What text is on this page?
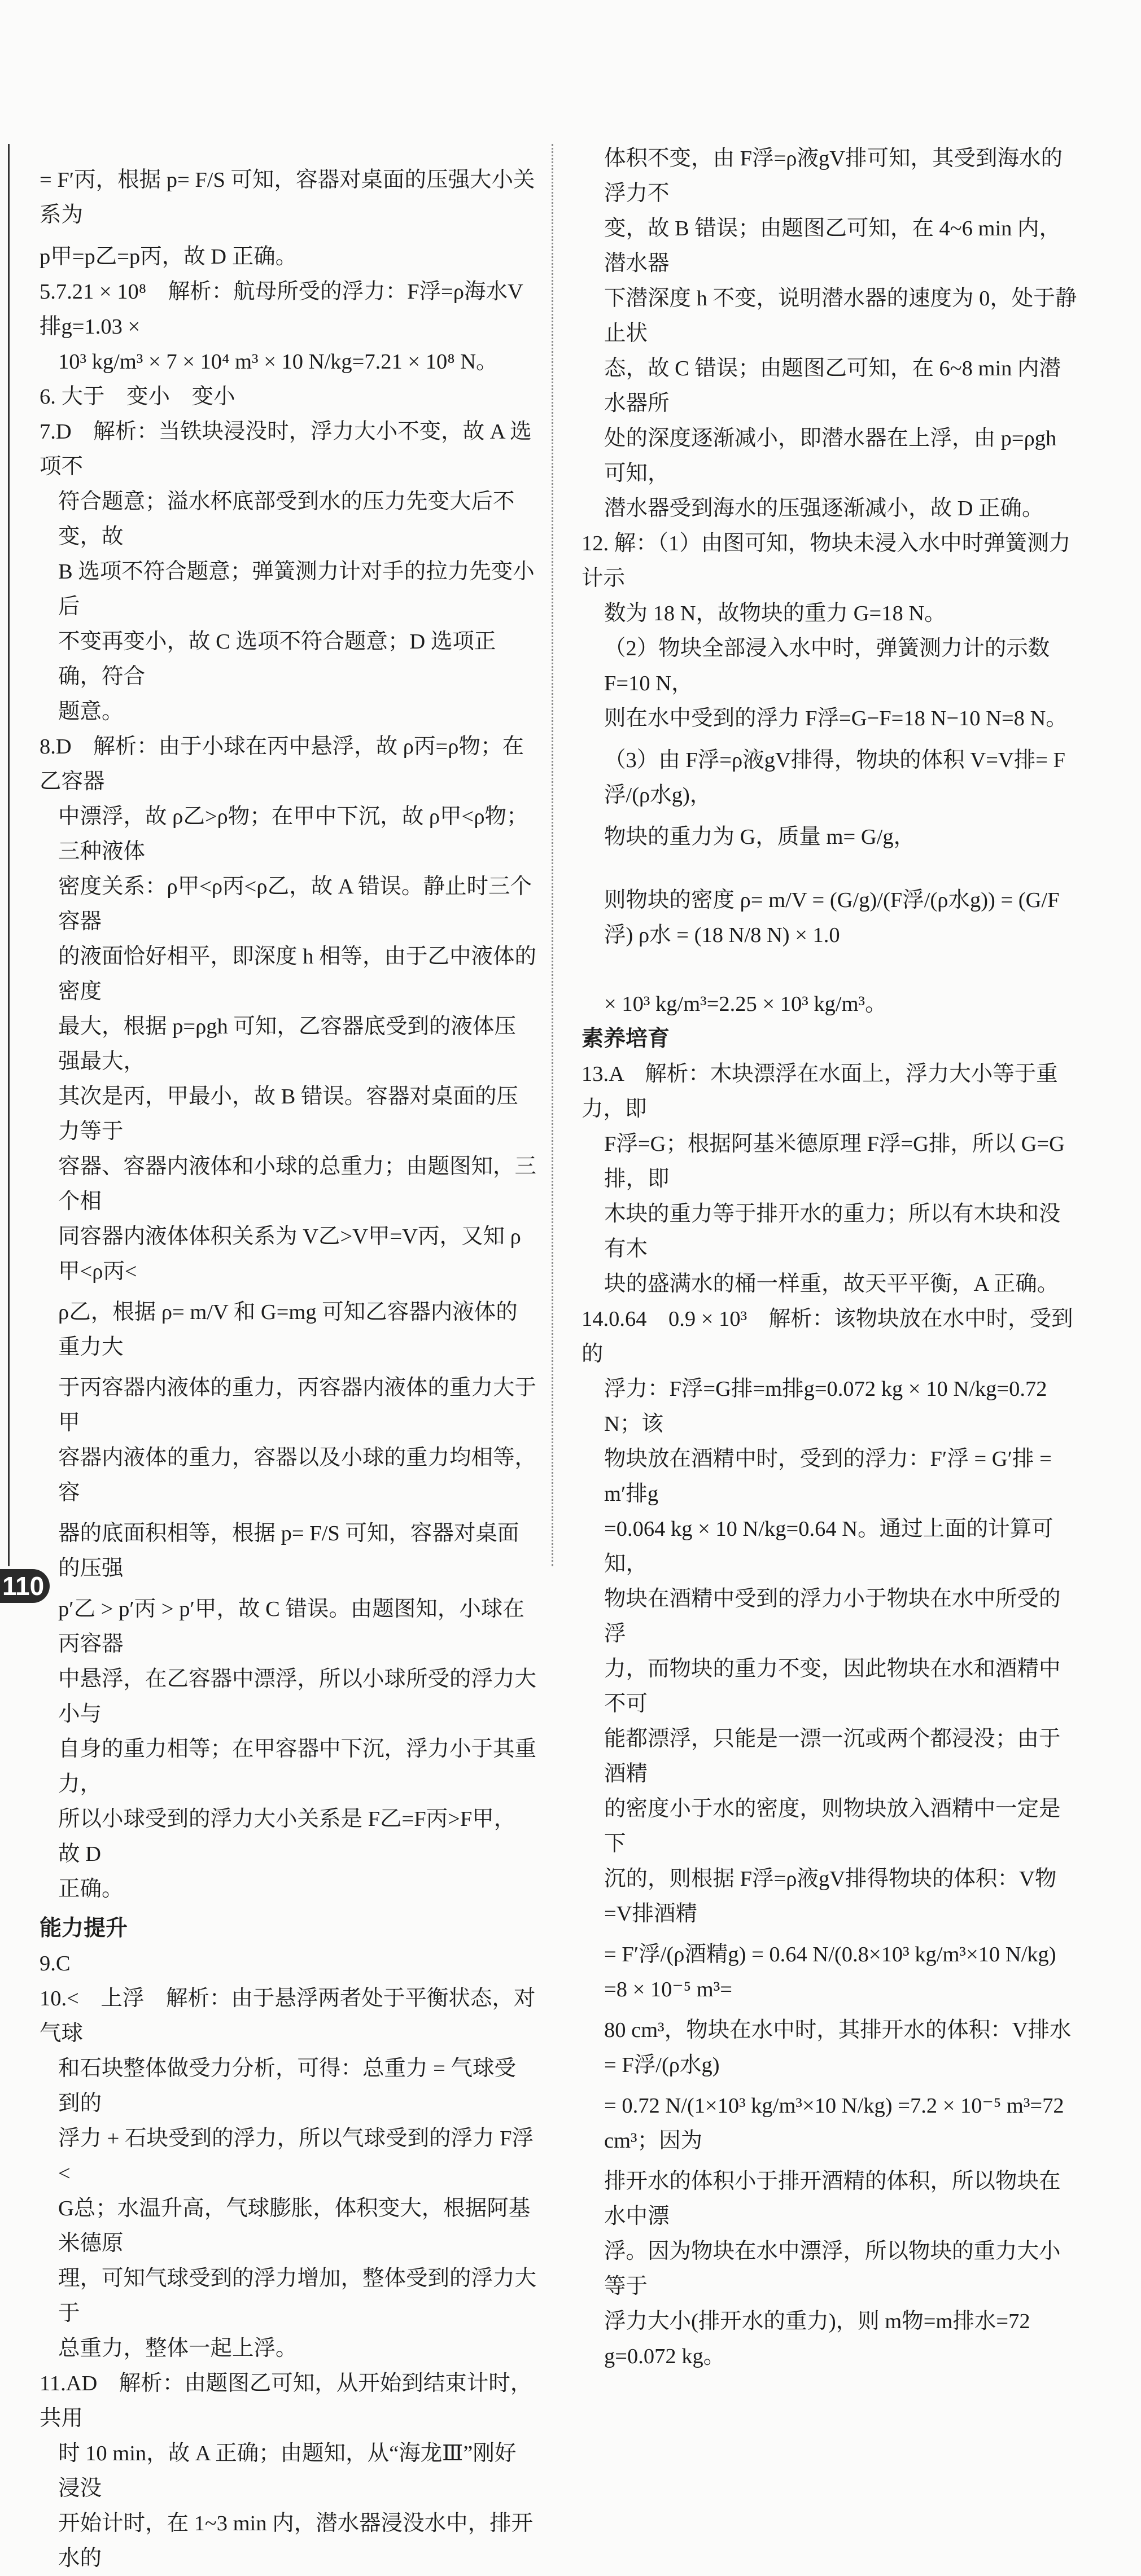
= F′丙，根据 p= F/S 可知，容器对桌面的压强大小关系为
p甲=p乙=p丙，故 D 正确。
5.7.21 × 10⁸　解析：航母所受的浮力：F浮=ρ海水V排g=1.03 ×
10³ kg/m³ × 7 × 10⁴ m³ × 10 N/kg=7.21 × 10⁸ N。
6. 大于　变小　变小
7.D　解析：当铁块浸没时，浮力大小不变，故 A 选项不
符合题意；溢水杯底部受到水的压力先变大后不变，故
B 选项不符合题意；弹簧测力计对手的拉力先变小后
不变再变小，故 C 选项不符合题意；D 选项正确，符合
题意。
8.D　解析：由于小球在丙中悬浮，故 ρ丙=ρ物；在乙容器
中漂浮，故 ρ乙>ρ物；在甲中下沉，故 ρ甲<ρ物；三种液体
密度关系：ρ甲<ρ丙<ρ乙，故 A 错误。静止时三个容器
的液面恰好相平，即深度 h 相等，由于乙中液体的密度
最大，根据 p=ρgh 可知，乙容器底受到的液体压强最大，
其次是丙，甲最小，故 B 错误。容器对桌面的压力等于
容器、容器内液体和小球的总重力；由题图知，三个相
同容器内液体体积关系为 V乙>V甲=V丙，又知 ρ甲<ρ丙<
ρ乙，根据 ρ= m/V 和 G=mg 可知乙容器内液体的重力大
于丙容器内液体的重力，丙容器内液体的重力大于甲
容器内液体的重力，容器以及小球的重力均相等，容
器的底面积相等，根据 p= F/S 可知，容器对桌面的压强
p′乙 > p′丙 > p′甲，故 C 错误。由题图知，小球在丙容器
中悬浮，在乙容器中漂浮，所以小球所受的浮力大小与
自身的重力相等；在甲容器中下沉，浮力小于其重力，
所以小球受到的浮力大小关系是 F乙=F丙>F甲，故 D
正确。
能力提升
9.C
10.<　上浮　解析：由于悬浮两者处于平衡状态，对气球
和石块整体做受力分析，可得：总重力 = 气球受到的
浮力 + 石块受到的浮力，所以气球受到的浮力 F浮<
G总；水温升高，气球膨胀，体积变大，根据阿基米德原
理，可知气球受到的浮力增加，整体受到的浮力大于
总重力，整体一起上浮。
11.AD　解析：由题图乙可知，从开始到结束计时，共用
时 10 min，故 A 正确；由题知，从“海龙Ⅲ”刚好浸没
开始计时，在 1~3 min 内，潜水器浸没水中，排开水的
体积不变，由 F浮=ρ液gV排可知，其受到海水的浮力不
变，故 B 错误；由题图乙可知，在 4~6 min 内，潜水器
下潜深度 h 不变，说明潜水器的速度为 0，处于静止状
态，故 C 错误；由题图乙可知，在 6~8 min 内潜水器所
处的深度逐渐减小，即潜水器在上浮，由 p=ρgh 可知，
潜水器受到海水的压强逐渐减小，故 D 正确。
12. 解：（1）由图可知，物块未浸入水中时弹簧测力计示
数为 18 N，故物块的重力 G=18 N。
（2）物块全部浸入水中时，弹簧测力计的示数 F=10 N，
则在水中受到的浮力 F浮=G−F=18 N−10 N=8 N。
（3）由 F浮=ρ液gV排得，物块的体积 V=V排= F浮/(ρ水g)，
物块的重力为 G，质量 m= G/g，
则物块的密度 ρ= m/V = (G/g)/(F浮/(ρ水g)) = (G/F浮) ρ水 = (18 N/8 N) × 1.0
× 10³ kg/m³=2.25 × 10³ kg/m³。
素养培育
13.A　解析：木块漂浮在水面上，浮力大小等于重力，即
F浮=G；根据阿基米德原理 F浮=G排，所以 G=G排，即
木块的重力等于排开水的重力；所以有木块和没有木
块的盛满水的桶一样重，故天平平衡，A 正确。
14.0.64　0.9 × 10³　解析：该物块放在水中时，受到的
浮力：F浮=G排=m排g=0.072 kg × 10 N/kg=0.72 N；该
物块放在酒精中时，受到的浮力：F′浮 = G′排 = m′排g
=0.064 kg × 10 N/kg=0.64 N。通过上面的计算可知，
物块在酒精中受到的浮力小于物块在水中所受的浮
力，而物块的重力不变，因此物块在水和酒精中不可
能都漂浮，只能是一漂一沉或两个都浸没；由于酒精
的密度小于水的密度，则物块放入酒精中一定是下
沉的，则根据 F浮=ρ液gV排得物块的体积：V物=V排酒精
= F′浮/(ρ酒精g) = 0.64 N/(0.8×10³ kg/m³×10 N/kg) =8 × 10⁻⁵ m³=
80 cm³，物块在水中时，其排开水的体积：V排水= F浮/(ρ水g)
= 0.72 N/(1×10³ kg/m³×10 N/kg) =7.2 × 10⁻⁵ m³=72 cm³；因为
排开水的体积小于排开酒精的体积，所以物块在水中漂
浮。因为物块在水中漂浮，所以物块的重力大小等于
浮力大小(排开水的重力)，则 m物=m排水=72 g=0.072 kg。
110
